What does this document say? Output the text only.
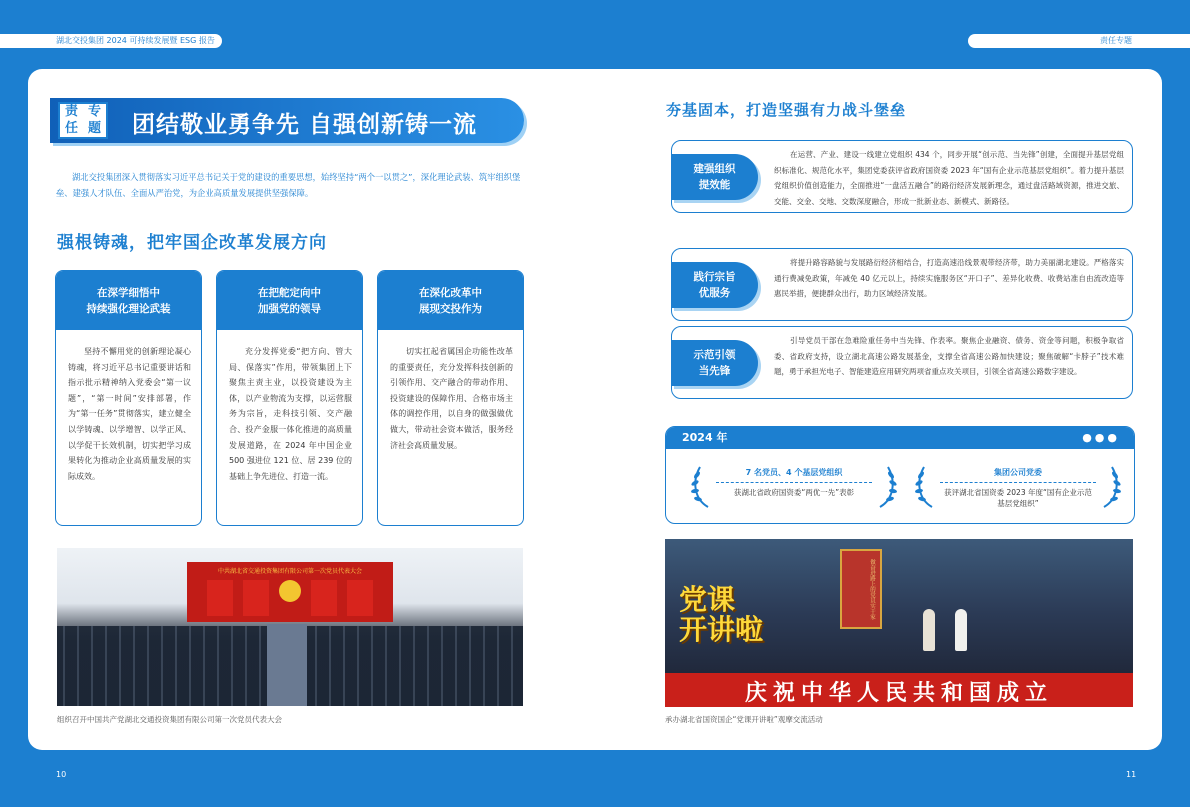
湖北交投集团 2024 可持续发展暨 ESG 报告	责任专题
10	11
责 专
任 题 团结敬业勇争先 自强创新铸一流

湖北交投集团深入贯彻落实习近平总书记关于党的建设的重要思想，始终坚持“两个一以贯之”，深化理论武装、筑牢组织堡垒、建强人才队伍、全面从严治党，为企业高质量发展提供坚强保障。

强根铸魂，把牢国企改革发展方向
在深学细悟中
持续强化理论武装

坚持不懈用党的创新理论凝心铸魂，将习近平总书记重要讲话和指示批示精神纳入党委会“第一议题”，“第一时间”安排部署，作为“第一任务”贯彻落实，建立健全以学铸魂、以学增智、以学正风、以学促干长效机制，切实把学习成果转化为推动企业高质量发展的实际成效。

在把舵定向中
加强党的领导

充分发挥党委“把方向、管大局、保落实”作用，带领集团上下聚焦主责主业，以投资建设为主体，以产业物流为支撑，以运营服务为宗旨，走科技引领、交产融合、投产金服一体化推进的高质量发展道路，在 2024 年中国企业 500 强进位 121 位、居 239 位的基础上争先进位、打造一流。

在深化改革中
展现交投作为

切实扛起省属国企功能性改革的重要责任，充分发挥科技创新的引领作用、交产融合的带动作用、投资建设的保障作用、合格市场主体的调控作用，以自身的做强做优做大，带动社会资本做活，服务经济社会高质量发展。

中共湖北省交通投资集团有限公司第一次党员代表大会
组织召开中国共产党湖北交通投资集团有限公司第一次党员代表大会
夯基固本，打造坚强有力战斗堡垒
建强组织
提效能

在运营、产业、建设一线建立党组织 434 个，同步开展“创示范、当先锋”创建，全面提升基层党组织标准化、规范化水平，集团党委获评省政府国资委 2023 年“国有企业示范基层党组织”。着力提升基层党组织价值创造能力，全面推进“一盘活五融合”的路衍经济发展新理念，通过盘活路域资源，推进交旅、交能、交金、交地、交数深度融合，形成一批新业态、新模式、新路径。

践行宗旨
优服务

将提升路容路貌与发展路衍经济相结合，打造高速沿线景观带经济带，助力美丽湖北建设。严格落实通行费减免政策，年减免 40 亿元以上，持续实施服务区“开口子”、差异化收费、收费站准自由流改造等惠民举措，便捷群众出行，助力区域经济发展。

示范引领
当先锋

引导党员干部在急难险重任务中当先锋、作表率。聚焦企业融资、债务、资金等问题，积极争取省委、省政府支持，设立湖北高速公路发展基金，支撑全省高速公路加快建设；聚焦破解“卡脖子”技术难题，勇于承担光电子、智能建造应用研究两项省重点攻关项目，引领全省高速公路数字建设。

2024 年	●●●
7 名党员、4 个基层党组织
获湖北省政府国资委“两优一先”表彰
集团公司党委
获评湖北省国资委 2023 年度“国有企业示范基层党组织”
做奋进路上的党员实干家
党课
开讲啦
庆祝中华人民共和国成立
承办湖北省国资国企“党课开讲啦”观摩交流活动
